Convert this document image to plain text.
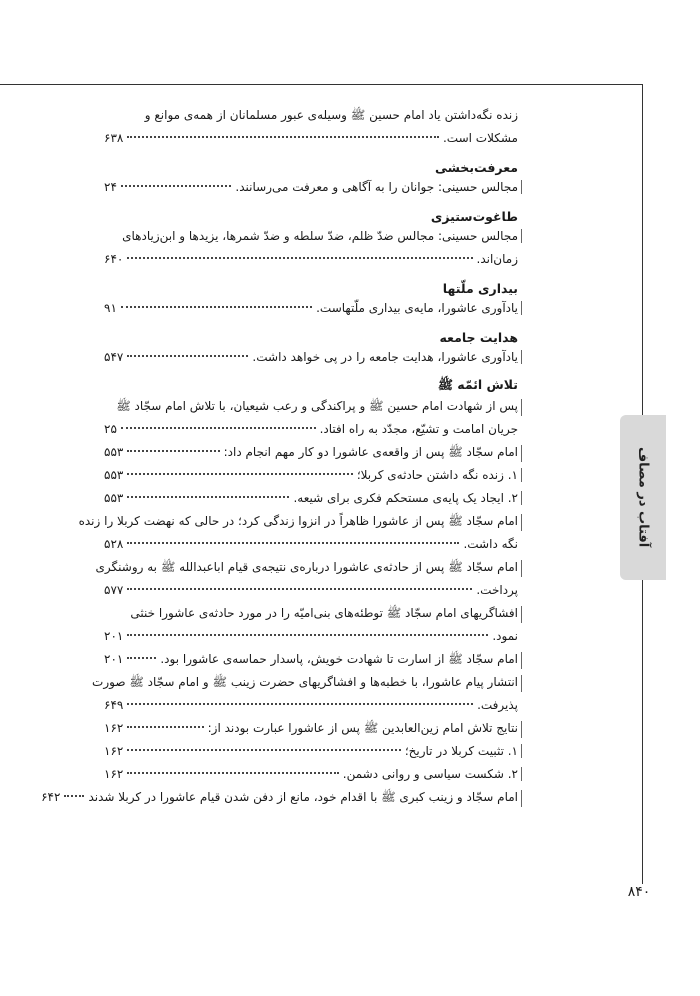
آفتاب در مصاف
۸۴۰
زنده نگه‌داشتن یاد امام حسین ﷺ وسیله‌ی عبور مسلمانان از همه‌ی موانع و
مشکلات است.
۶۳۸
معرفت‌بخشی
مجالس حسینی: جوانان را به آگاهی و معرفت می‌رسانند.
۲۴
طاغوت‌ستیزی
مجالس حسینی: مجالس ضدّ ظلم، ضدّ سلطه و ضدّ شمرها، یزیدها و ابن‌زیادهای
زمان‌اند.
۶۴۰
بیداری ملّتها
یادآوری عاشورا، مایه‌ی بیداری ملّتهاست.
۹۱
هدایت جامعه
یادآوری عاشورا، هدایت جامعه را در پی خواهد داشت.
۵۴۷
تلاش ائمّه ﷺ
پس از شهادت امام حسین ﷺ و پراکندگی و رعب شیعیان، با تلاش امام سجّاد ﷺ
جریان امامت و تشیّع، مجدّد به راه افتاد.
۲۵
امام سجّاد ﷺ پس از واقعه‌ی عاشورا دو کار مهم انجام داد:
۵۵۳
۱. زنده نگه داشتن حادثه‌ی کربلا؛
۵۵۳
۲. ایجاد یک پایه‌ی مستحکم فکری برای شیعه.
۵۵۳
امام سجّاد ﷺ پس از عاشورا ظاهراً در انزوا زندگی کرد؛ در حالی که نهضت کربلا را زنده
نگه داشت.
۵۲۸
امام سجّاد ﷺ پس از حادثه‌ی عاشورا درباره‌ی نتیجه‌ی قیام اباعبدالله ﷺ به روشنگری
پرداخت.
۵۷۷
افشاگریهای امام سجّاد ﷺ توطئه‌های بنی‌امیّه را در مورد حادثه‌ی عاشورا خنثی
نمود.
۲۰۱
امام سجّاد ﷺ از اسارت تا شهادت خویش، پاسدار حماسه‌ی عاشورا بود.
۲۰۱
انتشار پیام عاشورا، با خطبه‌ها و افشاگریهای حضرت زینب ﷺ و امام سجّاد ﷺ صورت
پذیرفت.
۶۴۹
نتایج تلاش امام زین‌العابدین ﷺ پس از عاشورا عبارت بودند از:
۱۶۲
۱. تثبیت کربلا در تاریخ؛
۱۶۲
۲. شکست سیاسی و روانی دشمن.
۱۶۲
امام سجّاد و زینب کبری ﷺ با اقدام خود، مانع از دفن شدن قیام عاشورا در کربلا شدند
۶۴۲
